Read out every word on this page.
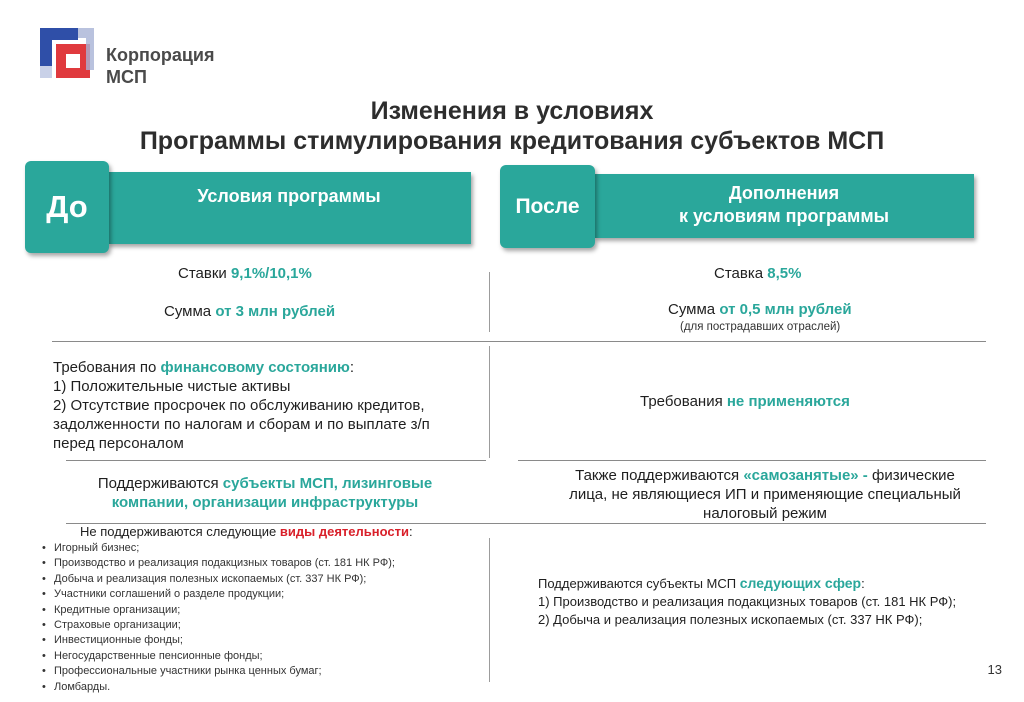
Корпорация
МСП
Изменения в условиях
Программы стимулирования кредитования субъектов МСП
Условия программы
До	Дополнения
к условиям программы
После
Ставки 9,1%/10,1%
Сумма от 3 млн рублей
Ставка 8,5%
Сумма от 0,5 млн рублей
(для пострадавших отраслей)
Требования по финансовому состоянию:
1) Положительные чистые активы
2) Отсутствие просрочек по обслуживанию кредитов,
задолженности по налогам и сборам и по выплате з/п
перед персоналом
Требования не применяются
Поддерживаются субъекты МСП, лизинговые
компании, организации инфраструктуры
Также поддерживаются «самозанятые» - физические
лица, не являющиеся ИП и применяющие специальный
налоговый режим
Не поддерживаются следующие виды деятельности:
• Игорный бизнес;
• Производство и реализация подакцизных товаров (ст. 181 НК РФ);
• Добыча и реализация полезных ископаемых (ст. 337 НК РФ);
• Участники соглашений о разделе продукции;
• Кредитные организации;
• Страховые организации;
• Инвестиционные фонды;
• Негосударственные пенсионные фонды;
• Профессиональные участники рынка ценных бумаг;
• Ломбарды.
Поддерживаются субъекты МСП следующих сфер:
1) Производство и реализация подакцизных товаров (ст. 181 НК РФ);
2) Добыча и реализация полезных ископаемых (ст. 337 НК РФ);
13
